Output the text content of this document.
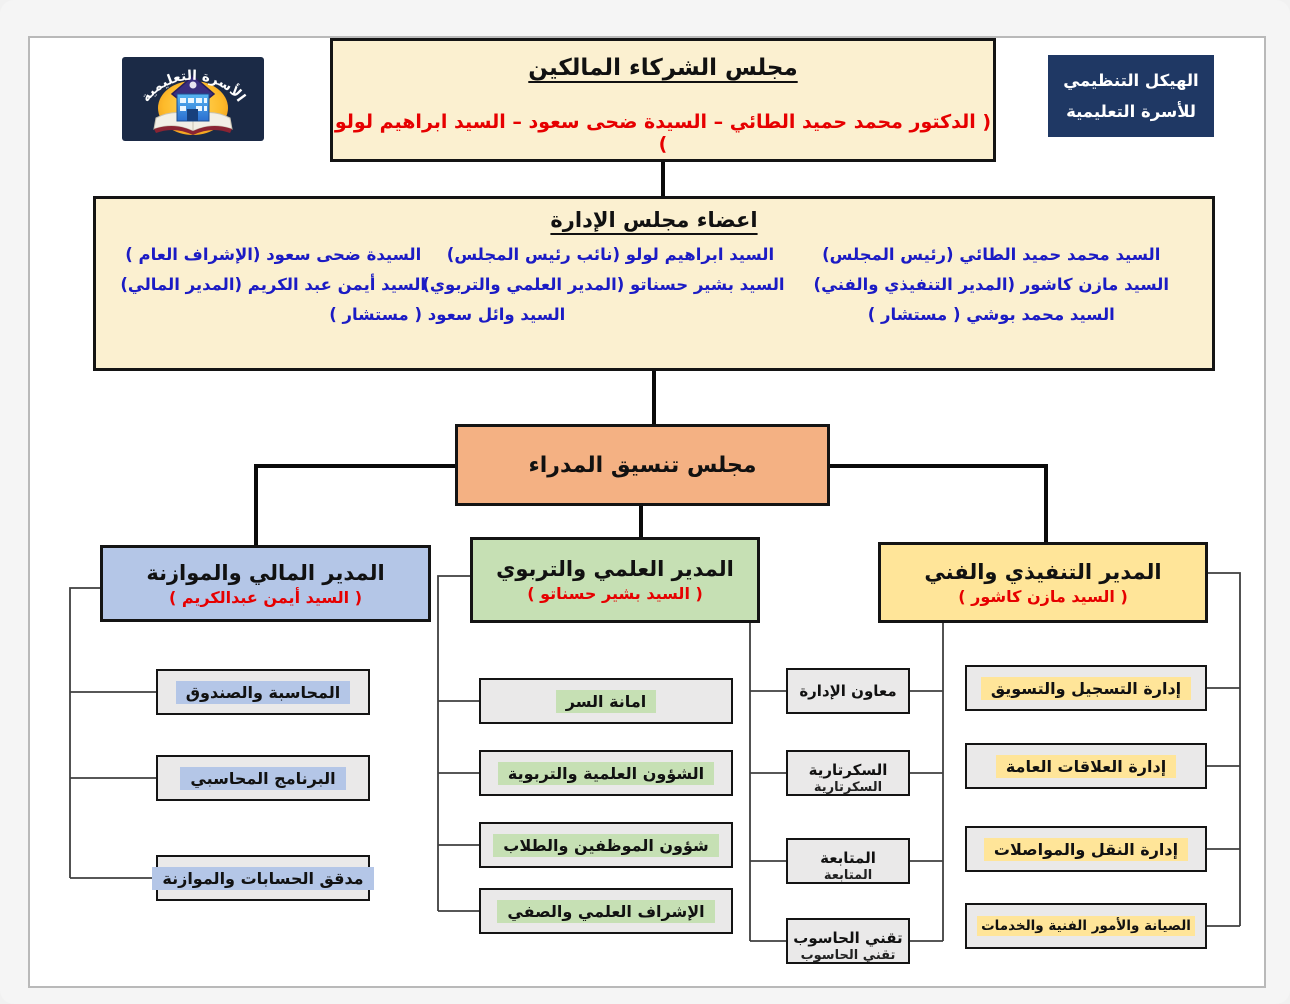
الأسرة التعليمية
مجلس الشركاء المالكين
( الدكتور محمد حميد الطائي – السيدة ضحى سعود – السيد ابراهيم لولو )
الهيكل التنظيمي
للأسرة التعليمية
اعضاء مجلس الإدارة
السيد محمد حميد الطائي (رئيس المجلس)
السيد ابراهيم لولو (نائب رئيس المجلس)
السيدة ضحى سعود (الإشراف العام )
السيد مازن كاشور (المدير التنفيذي والفني)
السيد بشير حسناتو (المدير العلمي والتربوي)
السيد أيمن عبد الكريم (المدير المالي)
السيد محمد بوشي ( مستشار )
السيد وائل سعود ( مستشار )
مجلس تنسيق المدراء
المدير المالي والموازنة
( السيد أيمن عبدالكريم )
المدير العلمي والتربوي
( السيد بشير حسناتو )
المدير التنفيذي والفني
( السيد مازن كاشور )
المحاسبة والصندوق
البرنامج المحاسبي
مدقق الحسابات والموازنة
امانة السر
الشؤون العلمية والتربوية
شؤون الموظفين والطلاب
الإشراف العلمي والصفي
معاون الإدارة
السكرتارية
السكرتارية
المتابعة
المتابعة
تقني الحاسوب
تقني الحاسوب
إدارة التسجيل والتسويق
إدارة العلاقات العامة
إدارة النقل والمواصلات
الصيانة والأمور الفنية والخدمات
